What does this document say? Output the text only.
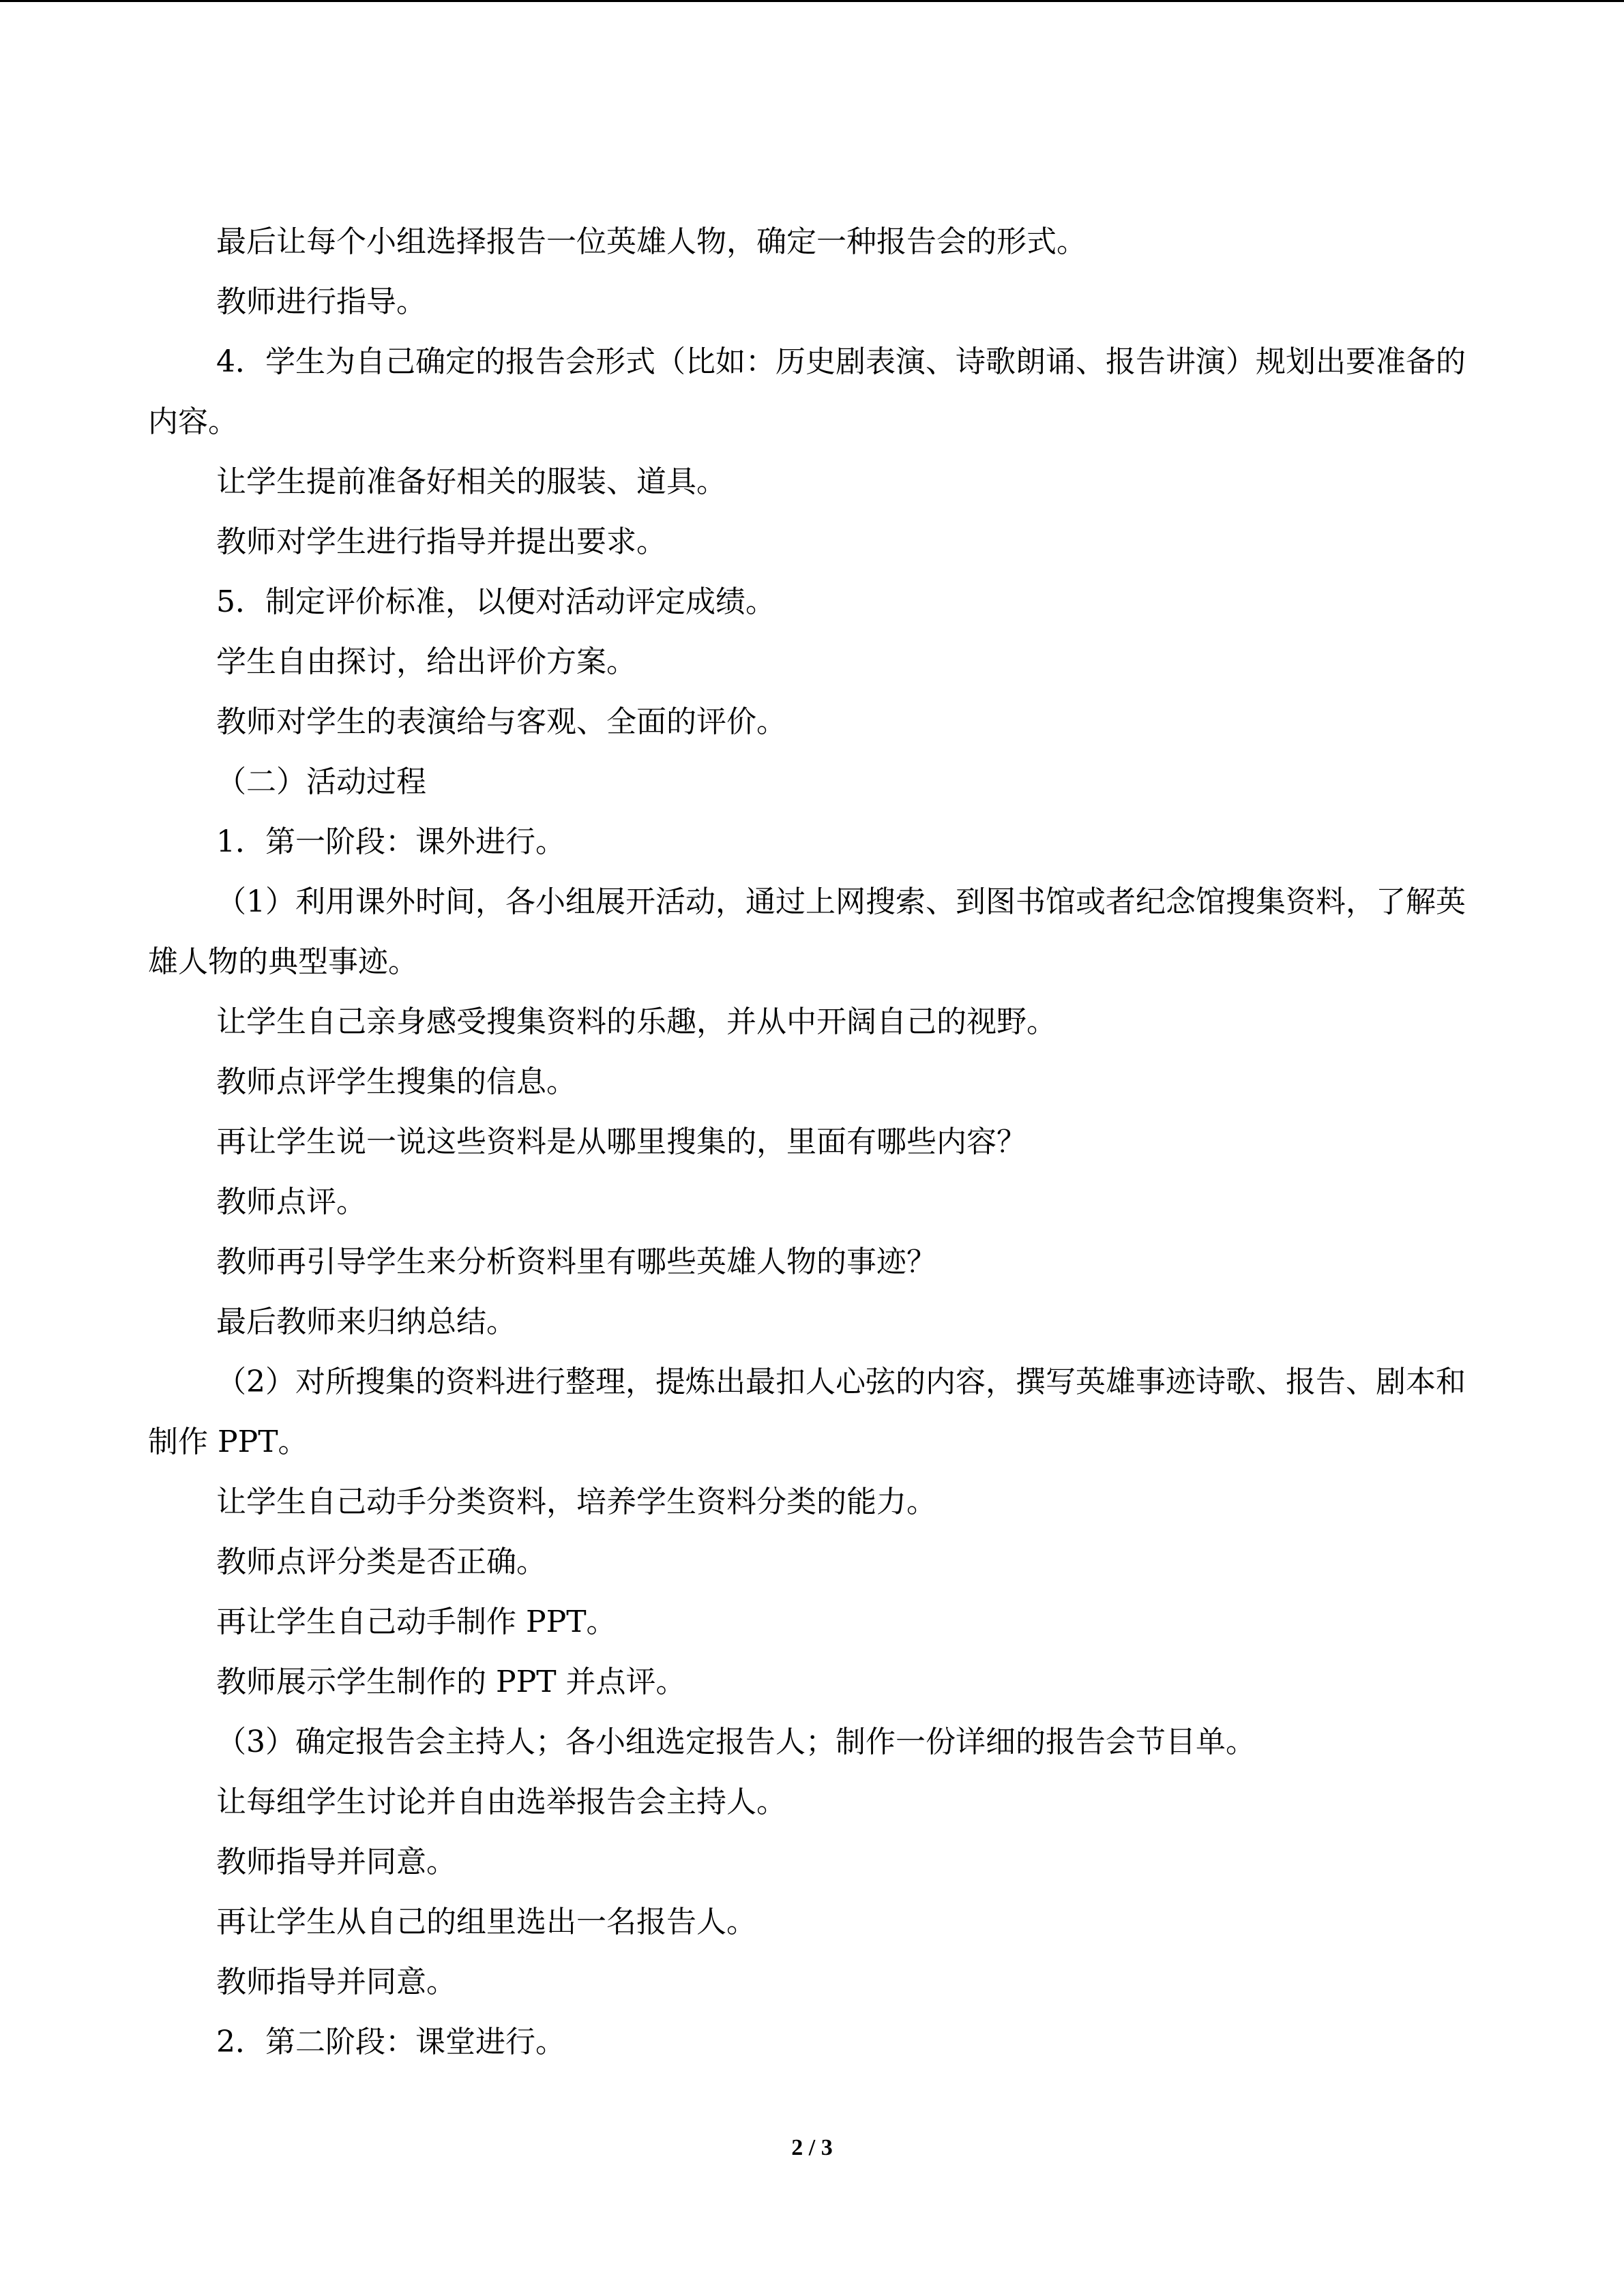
最后让每个小组选择报告一位英雄人物，确定一种报告会的形式。

教师进行指导。

4．学生为自己确定的报告会形式（比如：历史剧表演、诗歌朗诵、报告讲演）规划出要准备的内容。

让学生提前准备好相关的服装、道具。

教师对学生进行指导并提出要求。

5．制定评价标准，以便对活动评定成绩。

学生自由探讨，给出评价方案。

教师对学生的表演给与客观、全面的评价。

（二）活动过程

1．第一阶段：课外进行。

（1）利用课外时间，各小组展开活动，通过上网搜索、到图书馆或者纪念馆搜集资料，了解英雄人物的典型事迹。

让学生自己亲身感受搜集资料的乐趣，并从中开阔自己的视野。

教师点评学生搜集的信息。

再让学生说一说这些资料是从哪里搜集的，里面有哪些内容？

教师点评。

教师再引导学生来分析资料里有哪些英雄人物的事迹？

最后教师来归纳总结。

（2）对所搜集的资料进行整理，提炼出最扣人心弦的内容，撰写英雄事迹诗歌、报告、剧本和制作 PPT。

让学生自己动手分类资料，培养学生资料分类的能力。

教师点评分类是否正确。

再让学生自己动手制作 PPT。

教师展示学生制作的 PPT 并点评。

（3）确定报告会主持人；各小组选定报告人；制作一份详细的报告会节目单。

让每组学生讨论并自由选举报告会主持人。

教师指导并同意。

再让学生从自己的组里选出一名报告人。

教师指导并同意。

2．第二阶段：课堂进行。

2 / 3
